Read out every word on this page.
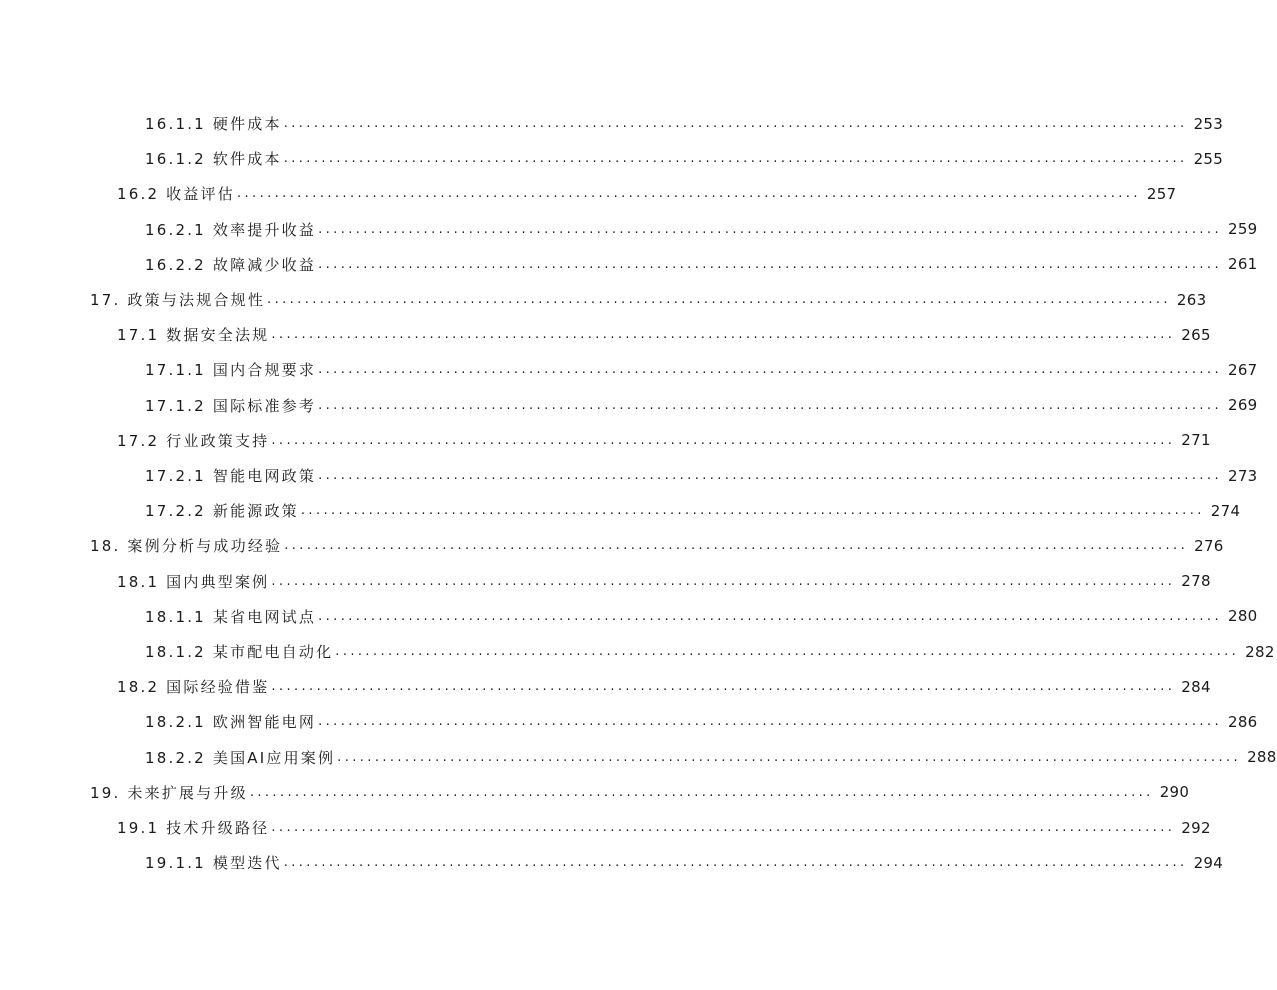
16.1.1 硬件成本 ........................................................................................................................ 253
16.1.2 软件成本 ........................................................................................................................ 255
16.2 收益评估 ........................................................................................................................ 257
16.2.1 效率提升收益 ........................................................................................................................ 259
16.2.2 故障减少收益 ........................................................................................................................ 261
17. 政策与法规合规性 ........................................................................................................................ 263
17.1 数据安全法规 ........................................................................................................................ 265
17.1.1 国内合规要求 ........................................................................................................................ 267
17.1.2 国际标准参考 ........................................................................................................................ 269
17.2 行业政策支持 ........................................................................................................................ 271
17.2.1 智能电网政策 ........................................................................................................................ 273
17.2.2 新能源政策 ........................................................................................................................ 274
18. 案例分析与成功经验 ........................................................................................................................ 276
18.1 国内典型案例 ........................................................................................................................ 278
18.1.1 某省电网试点 ........................................................................................................................ 280
18.1.2 某市配电自动化 ........................................................................................................................ 282
18.2 国际经验借鉴 ........................................................................................................................ 284
18.2.1 欧洲智能电网 ........................................................................................................................ 286
18.2.2 美国AI应用案例 ........................................................................................................................ 288
19. 未来扩展与升级 ........................................................................................................................ 290
19.1 技术升级路径 ........................................................................................................................ 292
19.1.1 模型迭代 ........................................................................................................................ 294
